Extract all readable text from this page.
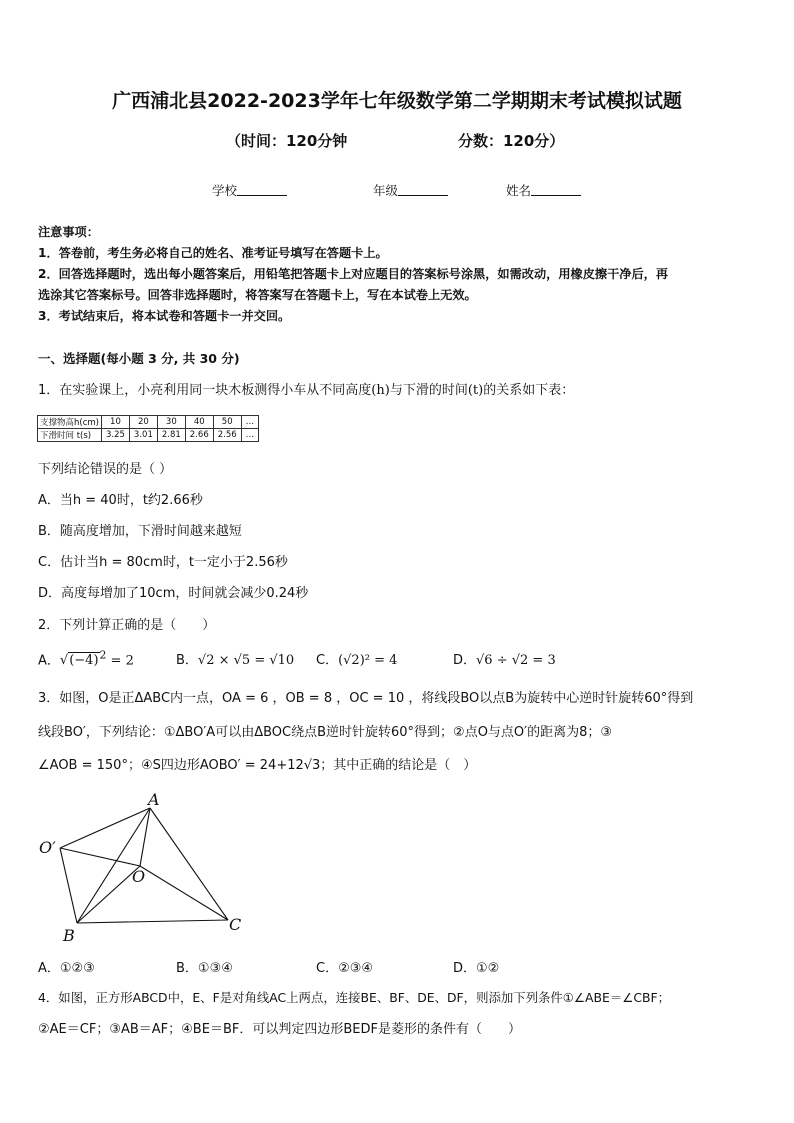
广西浦北县2022-2023学年七年级数学第二学期期末考试模拟试题
（时间：120分钟	分数：120分）
学校	年级	姓名
注意事项：
1．答卷前，考生务必将自己的姓名、准考证号填写在答题卡上。
2．回答选择题时，选出每小题答案后，用铅笔把答题卡上对应题目的答案标号涂黑，如需改动，用橡皮擦干净后，再
选涂其它答案标号。回答非选择题时，将答案写在答题卡上，写在本试卷上无效。
3．考试结束后，将本试卷和答题卡一并交回。
一、选择题(每小题 3 分, 共 30 分)
1．在实验课上，小亮利用同一块木板测得小车从不同高度(h)与下滑的时间(t)的关系如下表：
支撑物高h(cm)	10	20	30	40	50	…
下滑时间 t(s)	3.25	3.01	2.81	2.66	2.56	…
下列结论错误的是（ ）
A．当h = 40时，t约2.66秒
B．随高度增加，下滑时间越来越短
C．估计当h = 80cm时，t一定小于2.56秒
D．高度每增加了10cm，时间就会减少0.24秒
2．下列计算正确的是（　　）
A．$√(-4)^2 = 2$	B．√2 × √5 = √10 C．(√2)² = 4	D．√6 ÷ √2 = 3
3．如图，O是正ΔABC内一点，OA = 6 ，OB = 8 ，OC = 10 ，将线段BO以点B为旋转中心逆时针旋转60°得到
线段BO′，下列结论：①ΔBO′A可以由ΔBOC绕点B逆时针旋转60°得到；②点O与点O′的距离为8；③
∠AOB = 150°；④S四边形AOBO′ = 24+12√3；其中正确的结论是（　）
A
O′
O
B
C
A．①②③	B．①③④	C．②③④	D．①②
4．如图，正方形ABCD中，E、F是对角线AC上两点，连接BE、BF、DE、DF，则添加下列条件①∠ABE＝∠CBF；
②AE＝CF；③AB＝AF；④BE＝BF．可以判定四边形BEDF是菱形的条件有（　　）
